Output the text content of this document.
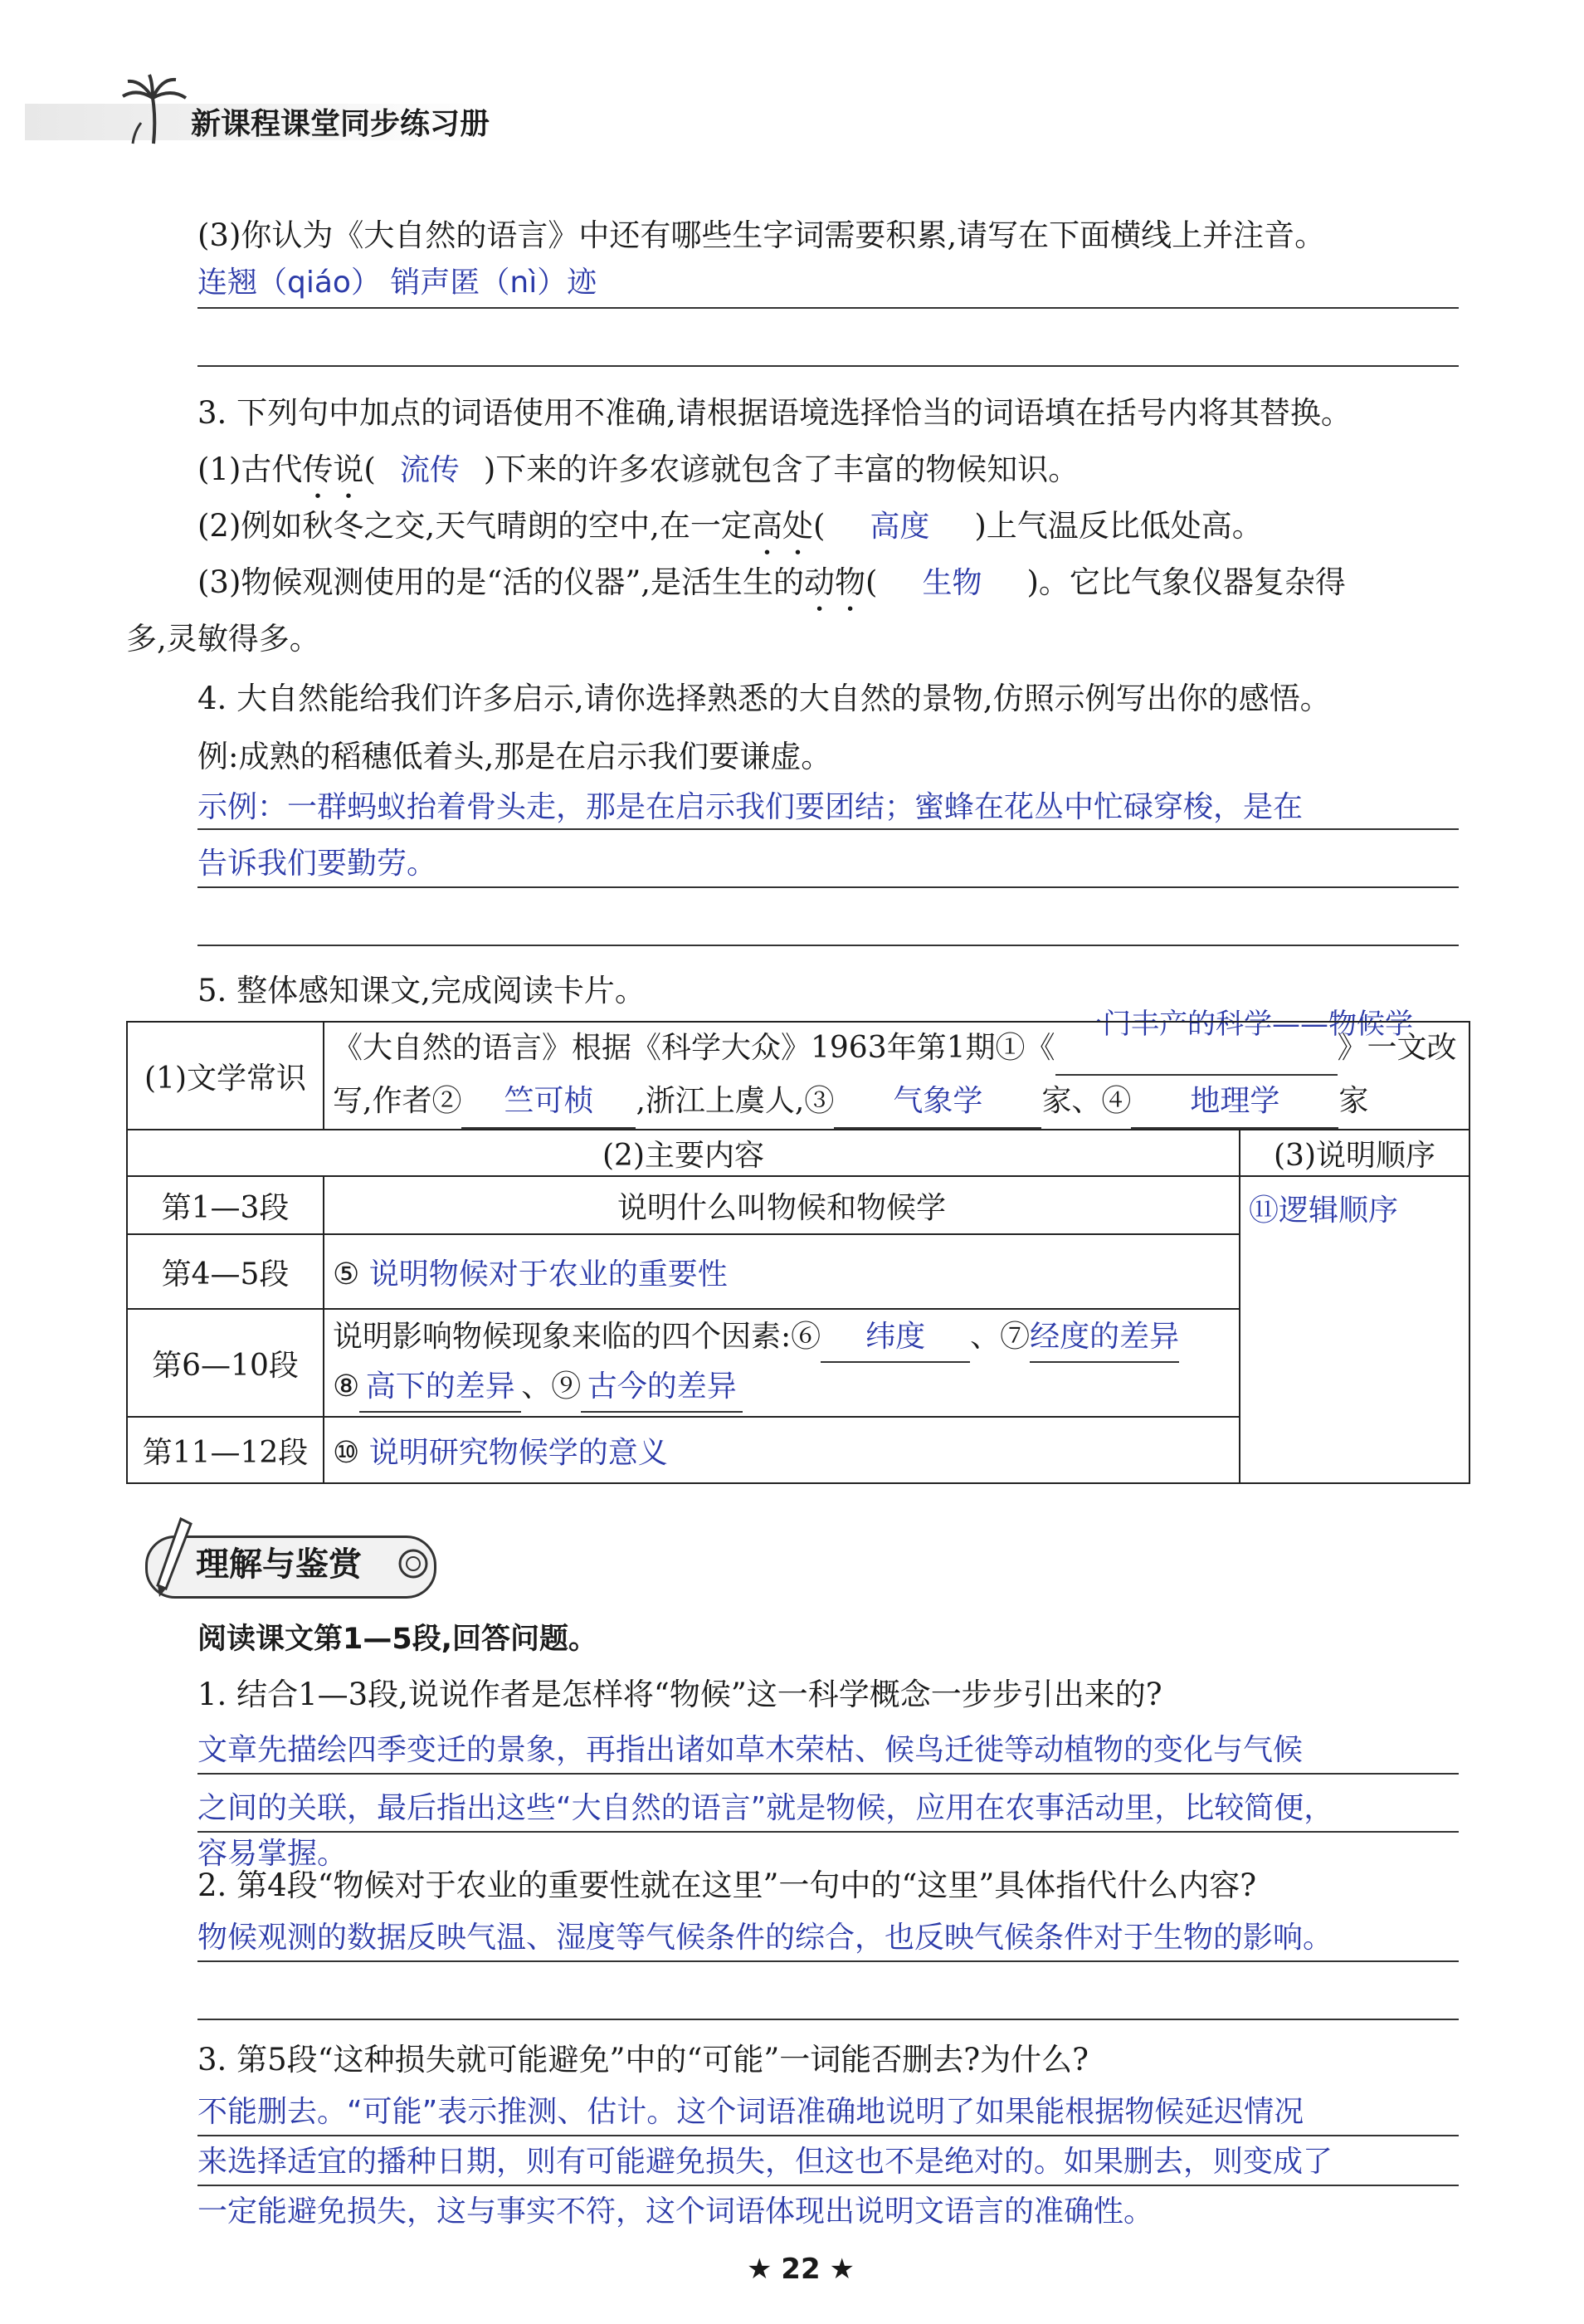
新课程课堂同步练习册
(3)你认为《大自然的语言》中还有哪些生字词需要积累,请写在下面横线上并注音。
连翘（qiáo） 销声匿（nì）迹
3. 下列句中加点的词语使用不准确,请根据语境选择恰当的词语填在括号内将其替换。
(1)古代传说( 流传 )下来的许多农谚就包含了丰富的物候知识。
(2)例如秋冬之交,天气晴朗的空中,在一定高处( 高度 )上气温反比低处高。
(3)物候观测使用的是“活的仪器”,是活生生的动物( 生物 )。它比气象仪器复杂得
多,灵敏得多。
4. 大自然能给我们许多启示,请你选择熟悉的大自然的景物,仿照示例写出你的感悟。
例:成熟的稻穗低着头,那是在启示我们要谦虚。
示例：一群蚂蚁抬着骨头走，那是在启示我们要团结；蜜蜂在花丛中忙碌穿梭，是在
告诉我们要勤劳。
5. 整体感知课文,完成阅读卡片。
一门丰产的科学——物候学
(1)文学常识	《大自然的语言》根据《科学大众》1963年第1期①《 》一文改
写,作者② 竺可桢 ,浙江上虞人,③ 气象学 家、④ 地理学 家	

(2)主要内容		(3)说明顺序
第1—3段	说明什么叫物候和物候学	⑪逻辑顺序
第4—5段	⑤ 说明物候对于农业的重要性	
第6—10段	说明影响物候现象来临的四个因素:⑥ 纬度 、⑦经度的差异
⑧ 高下的差异 、⑨ 古今的差异	

第11—12段	⑩ 说明研究物候学的意义	
理解与鉴赏
阅读课文第1—5段,回答问题。
1. 结合1—3段,说说作者是怎样将“物候”这一科学概念一步步引出来的?
文章先描绘四季变迁的景象，再指出诸如草木荣枯、候鸟迁徙等动植物的变化与气候
之间的关联，最后指出这些“大自然的语言”就是物候，应用在农事活动里，比较简便，
容易掌握。
2. 第4段“物候对于农业的重要性就在这里”一句中的“这里”具体指代什么内容?
物候观测的数据反映气温、湿度等气候条件的综合，也反映气候条件对于生物的影响。
3. 第5段“这种损失就可能避免”中的“可能”一词能否删去?为什么?
不能删去。“可能”表示推测、估计。这个词语准确地说明了如果能根据物候延迟情况
来选择适宜的播种日期，则有可能避免损失，但这也不是绝对的。如果删去，则变成了
一定能避免损失，这与事实不符，这个词语体现出说明文语言的准确性。
★ 22 ★
